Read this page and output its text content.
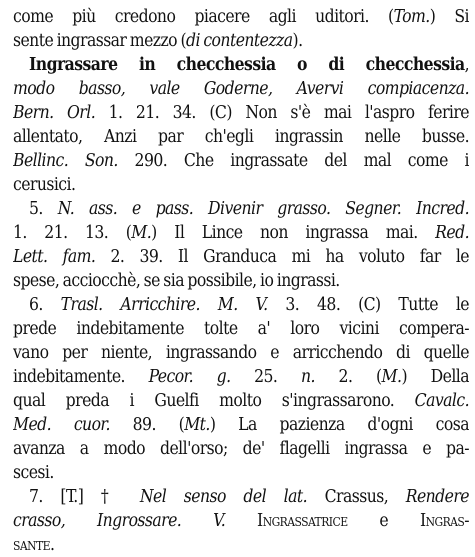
come più credono piacere agli uditori. (Tom.) Si
sente ingrassar mezzo (di contentezza).
Ingrassare in checchessia o di checchessia,
modo basso, vale Goderne, Avervi compiacenza.
Bern. Orl. 1. 21. 34. (C) Non s'è mai l'aspro ferire
allentato, Anzi par ch'egli ingrassin nelle busse.
Bellinc. Son. 290. Che ingrassate del mal come i
cerusici.
5. N. ass. e pass. Divenir grasso. Segner. Incred.
1. 21. 13. (M.) Il Lince non ingrassa mai. Red.
Lett. fam. 2. 39. Il Granduca mi ha voluto far le
spese, acciocchè, se sia possibile, io ingrassi.
6. Trasl. Arricchire. M. V. 3. 48. (C) Tutte le
prede indebitamente tolte a' loro vicini compera-
vano per niente, ingrassando e arricchendo di quelle
indebitamente. Pecor. g. 25. n. 2. (M.) Della
qual preda i Guelfi molto s'ingrassarono. Cavalc.
Med. cuor. 89. (Mt.) La pazienza d'ogni cosa
avanza a modo dell'orso; de' flagelli ingrassa e pa-
scesi.
7. [T.] † Nel senso del lat. Crassus, Rendere
crasso, Ingrossare. V. Ingrassatrice e Ingras-
sante.
